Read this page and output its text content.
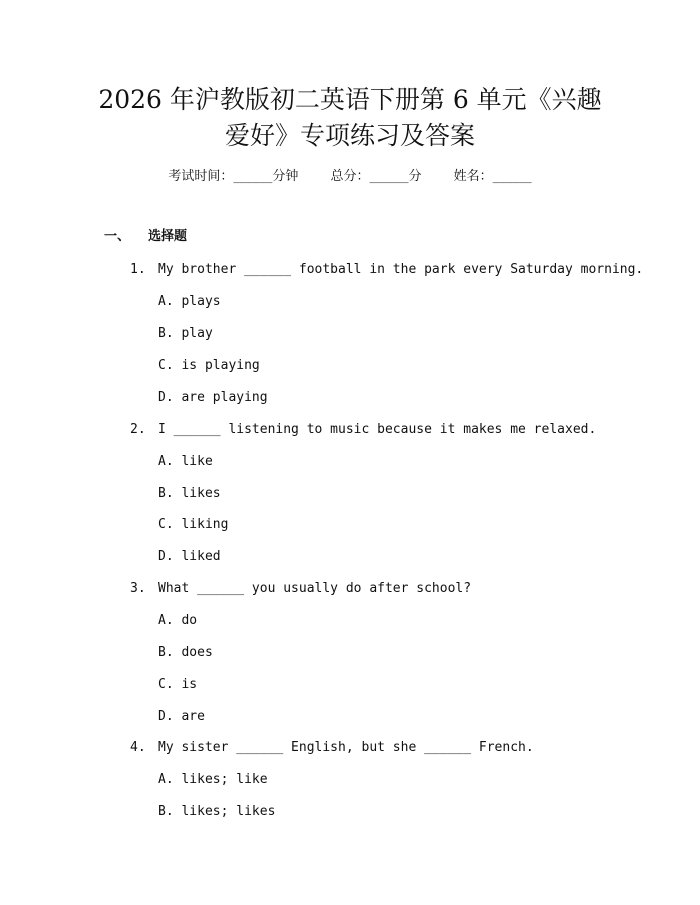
2026 年沪教版初二英语下册第 6 单元《兴趣
爱好》专项练习及答案
考试时间：______分钟 总分：______分 姓名：______
一、 选择题
1. My brother ______ football in the park every Saturday morning.
A. plays
B. play
C. is playing
D. are playing
2. I ______ listening to music because it makes me relaxed.
A. like
B. likes
C. liking
D. liked
3. What ______ you usually do after school?
A. do
B. does
C. is
D. are
4. My sister ______ English, but she ______ French.
A. likes; like
B. likes; likes
